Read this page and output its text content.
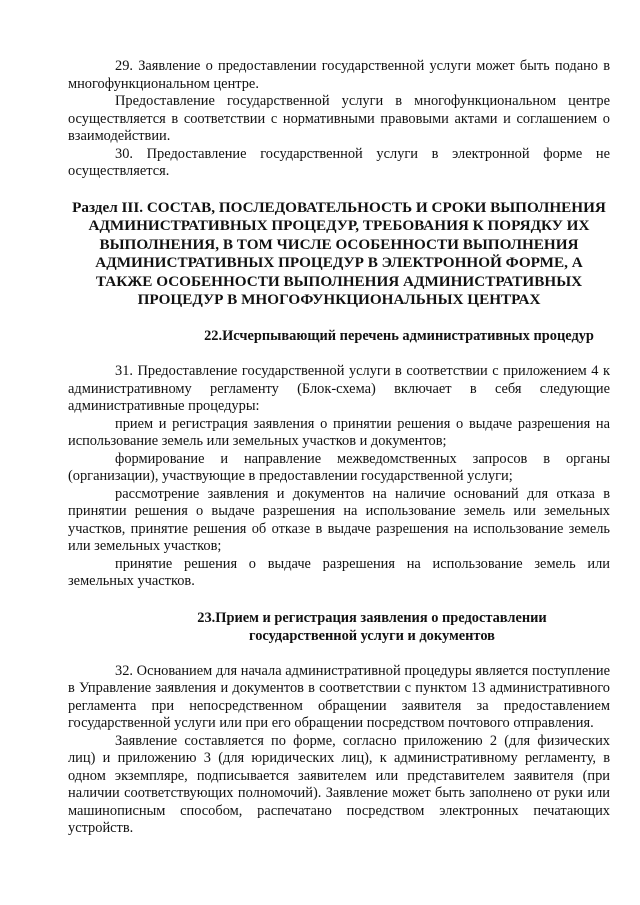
29. Заявление о предоставлении государственной услуги может быть подано в многофункциональном центре.

Предоставление государственной услуги в многофункциональном центре осуществляется в соответствии с нормативными правовыми актами и соглашением о взаимодействии.

30. Предоставление государственной услуги в электронной форме не осуществляется.

Раздел III. СОСТАВ, ПОСЛЕДОВАТЕЛЬНОСТЬ И СРОКИ ВЫПОЛНЕНИЯ АДМИНИСТРАТИВНЫХ ПРОЦЕДУР, ТРЕБОВАНИЯ К ПОРЯДКУ ИХ ВЫПОЛНЕНИЯ, В ТОМ ЧИСЛЕ ОСОБЕННОСТИ ВЫПОЛНЕНИЯ АДМИНИСТРАТИВНЫХ ПРОЦЕДУР В ЭЛЕКТРОННОЙ ФОРМЕ, А ТАКЖЕ ОСОБЕННОСТИ ВЫПОЛНЕНИЯ АДМИНИСТРАТИВНЫХ ПРОЦЕДУР В МНОГОФУНКЦИОНАЛЬНЫХ ЦЕНТРАХ
22.Исчерпывающий перечень административных процедур

31. Предоставление государственной услуги в соответствии с приложением 4 к административному регламенту (Блок-схема) включает в себя следующие административные процедуры:

прием и регистрация заявления о принятии решения о выдаче разрешения на использование земель или земельных участков и документов;

формирование и направление межведомственных запросов в органы (организации), участвующие в предоставлении государственной услуги;

рассмотрение заявления и документов на наличие оснований для отказа в принятии решения о выдаче разрешения на использование земель или земельных участков, принятие решения об отказе в выдаче разрешения на использование земель или земельных участков;

принятие решения о выдаче разрешения на использование земель или земельных участков.

23.Прием и регистрация заявления о предоставлении государственной услуги и документов

32. Основанием для начала административной процедуры является поступление в Управление заявления и документов в соответствии с пунктом 13 административного регламента при непосредственном обращении заявителя за предоставлением государственной услуги или при его обращении посредством почтового отправления.

Заявление составляется по форме, согласно приложению 2 (для физических лиц) и приложению 3 (для юридических лиц), к административному регламенту, в одном экземпляре, подписывается заявителем или представителем заявителя (при наличии соответствующих полномочий). Заявление может быть заполнено от руки или машинописным способом, распечатано посредством электронных печатающих устройств.
